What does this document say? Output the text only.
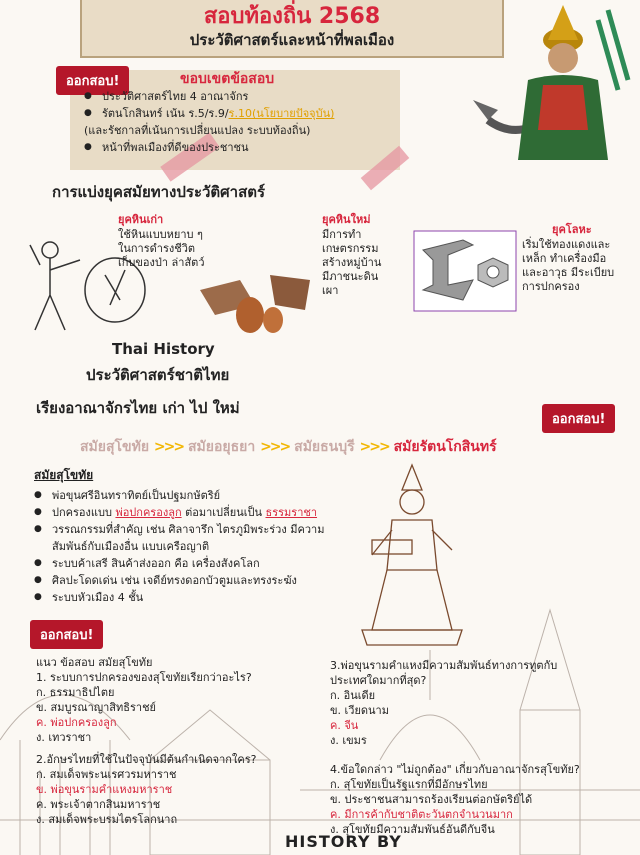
สอบท้องถิ่น 2568
ประวัติศาสตร์และหน้าที่พลเมือง
ออกสอบ!	ขอบเขตข้อสอบ
● ประวัติศาสตร์ไทย 4 อาณาจักร
● รัตนโกสินทร์ เน้น ร.5/ร.9/ร.10(นโยบายปัจจุบัน)
(และรัชกาลที่เน้นการเปลี่ยนแปลง ระบบท้องถิ่น)
● หน้าที่พลเมืองที่ดีของประชาชน
การแบ่งยุคสมัยทางประวัติศาสตร์
ยุคหินเก่า
ใช้หินแบบหยาบ ๆ
ในการดำรงชีวิต
เก็บของป่า ล่าสัตว์
ยุคหินใหม่
มีการทำ
เกษตรกรรม
สร้างหมู่บ้าน
มีภาชนะดิน
เผา
ยุคโลหะ
เริ่มใช้ทองแดงและ
เหล็ก ทำเครื่องมือ
และอาวุธ มีระเบียบ
การปกครอง
Thai History
ประวัติศาสตร์ชาติไทย
เรียงอาณาจักรไทย เก่า ไป ใหม่
ออกสอบ!
สมัยสุโขทัย >>> สมัยอยุธยา >>> สมัยธนบุรี >>> สมัยรัตนโกสินทร์
สมัยสุโขทัย
● พ่อขุนศรีอินทราทิตย์เป็นปฐมกษัตริย์
● ปกครองแบบ พ่อปกครองลูก ต่อมาเปลี่ยนเป็น ธรรมราชา
● วรรณกรรมที่สำคัญ เช่น ศิลาจารึก ไตรภูมิพระร่วง มีความ
สัมพันธ์กับเมืองอื่น แบบเครือญาติ
● ระบบค้าเสรี สินค้าส่งออก คือ เครื่องสังคโลก
● ศิลปะโดดเด่น เช่น เจดีย์ทรงดอกบัวตูมและทรงระฆัง
● ระบบหัวเมือง 4 ชั้น
ออกสอบ!
แนว ข้อสอบ สมัยสุโขทัย
1. ระบบการปกครองของสุโขทัยเรียกว่าอะไร?
ก. ธรรมาธิปไตย
ข. สมบูรณาญาสิทธิราชย์
ค. พ่อปกครองลูก
ง. เทวราชา
2.อักษรไทยที่ใช้ในปัจจุบันมีต้นกำเนิดจากใคร?
ก. สมเด็จพระนเรศวรมหาราช
ข. พ่อขุนรามคำแหงมหาราช
ค. พระเจ้าตากสินมหาราช
ง. สมเด็จพระบรมไตรโลกนาถ
3.พ่อขุนรามคำแหงมีความสัมพันธ์ทางการทูตกับ
ประเทศใดมากที่สุด?
ก. อินเดีย
ข. เวียดนาม
ค. จีน
ง. เขมร
4.ข้อใดกล่าว "ไม่ถูกต้อง" เกี่ยวกับอาณาจักรสุโขทัย?
ก. สุโขทัยเป็นรัฐแรกที่มีอักษรไทย
ข. ประชาชนสามารถร้องเรียนต่อกษัตริย์ได้
ค. มีการค้ากับชาติตะวันตกจำนวนมาก
ง. สุโขทัยมีความสัมพันธ์อันดีกับจีน
HISTORY BY
